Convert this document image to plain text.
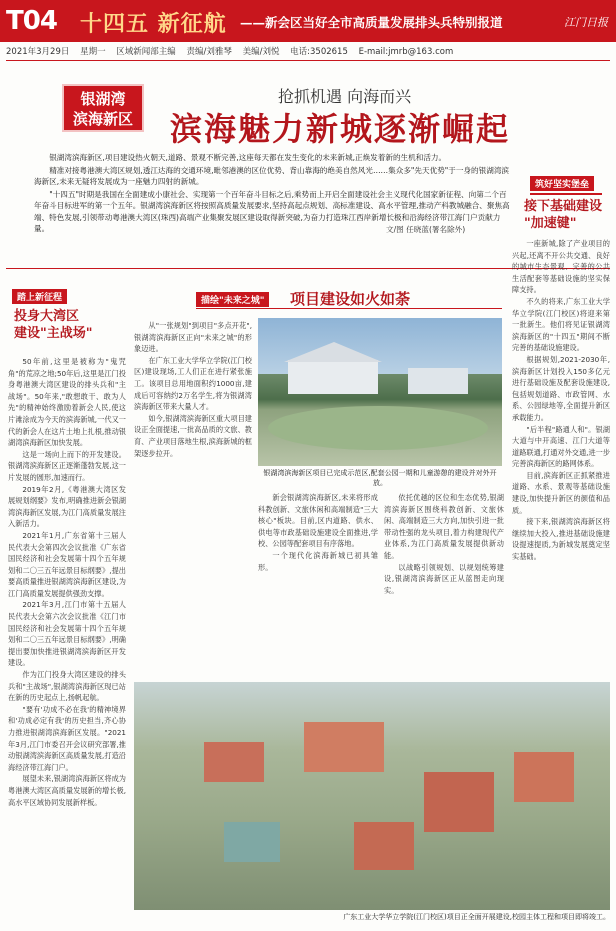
T04 十四五 新征航 ——新会区当好全市高质量发展排头兵特别报道	江门日报
2021年3月29日 星期一 区域新闻部主编 责编/刘雅琴 美编/刘悦 电话:3502615 E-mail:jmrb@163.com
银湖湾
滨海新区
抢抓机遇 向海而兴
滨海魅力新城逐渐崛起

银湖湾滨海新区,项目建设热火朝天,道路、景观不断完善,这座每天都在发生变化的未来新城,正焕发着新的生机和活力。

精准对接粤港澳大湾区规划,透江达海的交通环境,毗邻港澳的区位优势、背山靠海的绝美自然风光……集众多"先天优势"于一身的银湖湾滨海新区,未来无疑将发展成为一座魅力四射的新城。

"十四五"时期是我国在全面建成小康社会、实现第一个百年奋斗目标之后,乘势而上开启全面建设社会主义现代化国家新征程、向第二个百年奋斗目标进军的第一个五年。银湖湾滨海新区将按照高质量发展要求,坚持高起点规划、高标准建设、高水平管理,推动产科教城融合、聚焦高端、特色发展,引领带动粤港澳大湾区(珠西)高端产业集聚发展区建设取得新突破,为奋力打造珠江西岸新增长极和沿海经济带江海门户贡献力量。	文/图 任晓蓝(署名除外)
筑好坚实堡垒
接下基础建设
"加速键"
踏上新征程
投身大湾区
建设"主战场"

50年前,这里是被称为"鬼咒角"的荒凉之地;50年后,这里是江门投身粤港澳大湾区建设的排头兵和"主战场"。50年来,"敢想敢干、敢为人先"的精神始终激励着新会人民,使这片滩涂成为今天的滨海新城,一代又一代的新会人在这片土地上扎根,推动银湖湾滨海新区加快发展。

这是一场向上而下的开发建设。银湖湾滨海新区正逐渐蓬勃发展,这一片发展的圆形,加速而行。

2019年2月,《粤港澳大湾区发展规划纲要》发布,明确推进新会银湖湾滨海新区发展,为江门高质量发展注入新活力。

2021年1月,广东省第十三届人民代表大会第四次会议批准《广东省国民经济和社会发展第十四个五年规划和二〇三五年远景目标纲要》,提出要高质量推进银湖湾滨海新区建设,为江门高质量发展提供强劲支撑。

2021年3月,江门市第十五届人民代表大会第六次会议批准《江门市国民经济和社会发展第十四个五年规划和二〇三五年远景目标纲要》,明确提出要加快推进银湖湾滨海新区开发建设。

作为江门投身大湾区建设的排头兵和"主战场",银湖湾滨海新区现已站在新的历史起点上,扬帆起航。

"要有'功成不必在我'的精神境界和'功成必定有我'的历史担当,齐心协力推进银湖湾滨海新区发展。"2021年3月,江门市委召开会议研究部署,推动银湖湾滨海新区高质量发展,打造沿海经济带江海门户。

展望未来,银湖湾滨海新区将成为粤港澳大湾区高质量发展新的增长极,高水平区域协同发展新样板。

描绘"未来之城"	项目建设如火如荼

从"一张规划"到项目"多点开花",银湖湾滨海新区正向"未来之城"的形象迈进。

在广东工业大学华立学院(江门校区)建设现场,工人们正在进行紧张施工。该项目总用地面积约1000亩,建成后可容纳约2万名学生,将为银湖湾滨海新区带来大量人才。

如今,银湖湾滨海新区重大项目建设正全面提速,一批高品质的文旅、教育、产业项目落地生根,滨海新城的框架逐步拉开。

银湖湾滨海新区项目已完成示范区,配套公园一期和儿童游憩的建设并对外开放。

新会银湖湾滨海新区,未来将形成科教创新、文旅休闲和高端制造"三大核心"板块。目前,区内道路、供水、供电等市政基础设施建设全面推进,学校、公园等配套项目有序落地。

一个现代化滨海新城已初具雏形。

依托优越的区位和生态优势,银湖湾滨海新区围绕科教创新、文旅休闲、高端制造三大方向,加快引进一批带动性强的龙头项目,着力构建现代产业体系,为江门高质量发展提供新动能。

以战略引领规划、以规划统筹建设,银湖湾滨海新区正从蓝图走向现实。

一座新城,除了产业项目的兴起,还离不开公共交通、良好的城市生态景观、完善的公共生活配套等基础设施的坚实保障支持。

不久的将来,广东工业大学华立学院(江门校区)将迎来第一批新生。他们将见证银湖湾滨海新区的"十四五"期间不断完善的基础设施建设。

根据规划,2021-2030年,滨海新区计划投入150多亿元进行基础设施及配套设施建设,包括规划道路、市政管网、水系、公园绿地等,全面提升新区承载能力。

"后半程"路通人和"。银湖大道与中开高速、江门大道等道路联通,打通对外交通,进一步完善滨海新区的路网体系。

目前,滨海新区正抓紧推进道路、水系、景观等基础设施建设,加快提升新区的颜值和品质。

接下来,银湖湾滨海新区将继续加大投入,推进基础设施建设提速提质,为新城发展奠定坚实基础。

广东工业大学华立学院(江门校区)项目正全面开展建设,校园主体工程和项目即将竣工。
